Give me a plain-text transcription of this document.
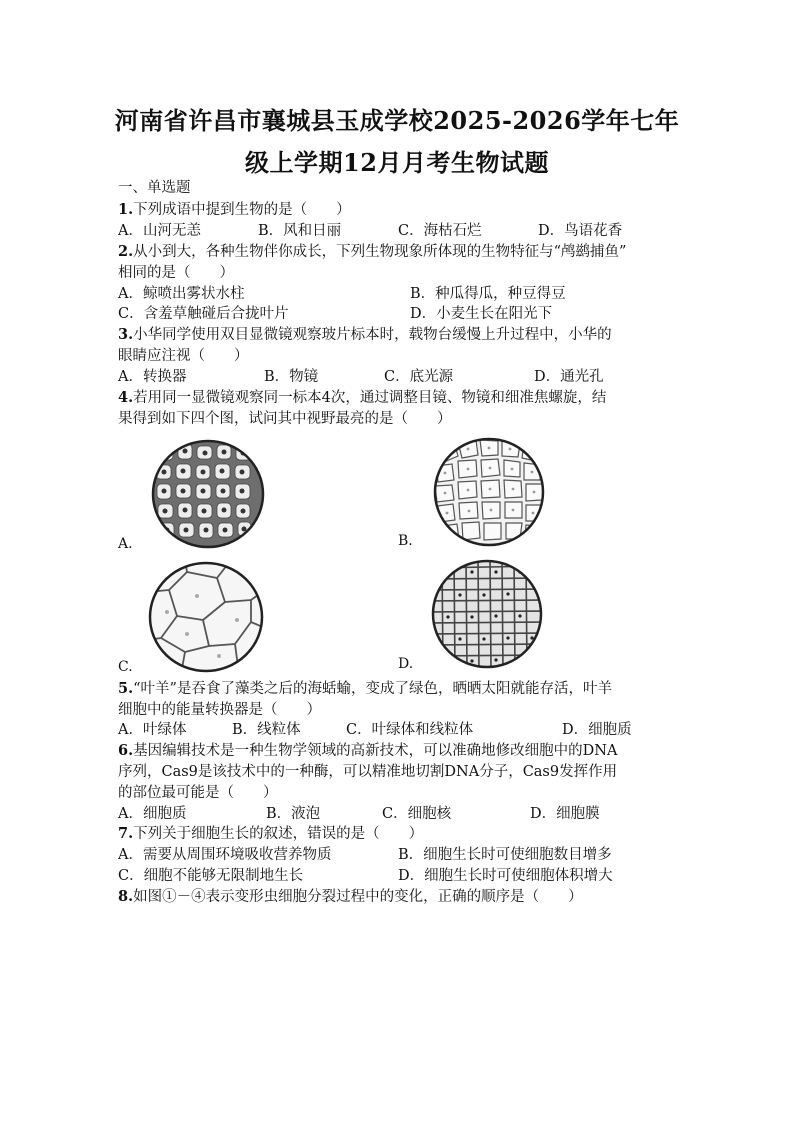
河南省许昌市襄城县玉成学校2025-2026学年七年
级上学期12月月考生物试题
一、单选题
1.下列成语中提到生物的是（　　）
A．山河无恙	B．风和日丽	C．海枯石烂	D．鸟语花香
2.从小到大，各种生物伴你成长，下列生物现象所体现的生物特征与“鸬鹚捕鱼”
相同的是（　　）
A．鲸喷出雾状水柱	B．种瓜得瓜，种豆得豆
C．含羞草触碰后合拢叶片	D．小麦生长在阳光下
3.小华同学使用双目显微镜观察玻片标本时，载物台缓慢上升过程中，小华的
眼睛应注视（　　）
A．转换器	B．物镜	C．底光源	D．通光孔
4.若用同一显微镜观察同一标本4次，通过调整目镜、物镜和细准焦螺旋，结
果得到如下四个图，试问其中视野最亮的是（　　）
A.	B.
C.	D.
5.“叶羊”是吞食了藻类之后的海蛞蝓，变成了绿色，晒晒太阳就能存活，叶羊
细胞中的能量转换器是（　　）
A．叶绿体	B．线粒体	C．叶绿体和线粒体	D．细胞质
6.基因编辑技术是一种生物学领域的高新技术，可以准确地修改细胞中的DNA
序列，Cas9是该技术中的一种酶，可以精准地切割DNA分子，Cas9发挥作用
的部位最可能是（　　）
A．细胞质	B．液泡	C．细胞核	D．细胞膜
7.下列关于细胞生长的叙述，错误的是（　　）
A．需要从周围环境吸收营养物质	B．细胞生长时可使细胞数目增多
C．细胞不能够无限制地生长	D．细胞生长时可使细胞体积增大
8.如图①－④表示变形虫细胞分裂过程中的变化，正确的顺序是（　　）
